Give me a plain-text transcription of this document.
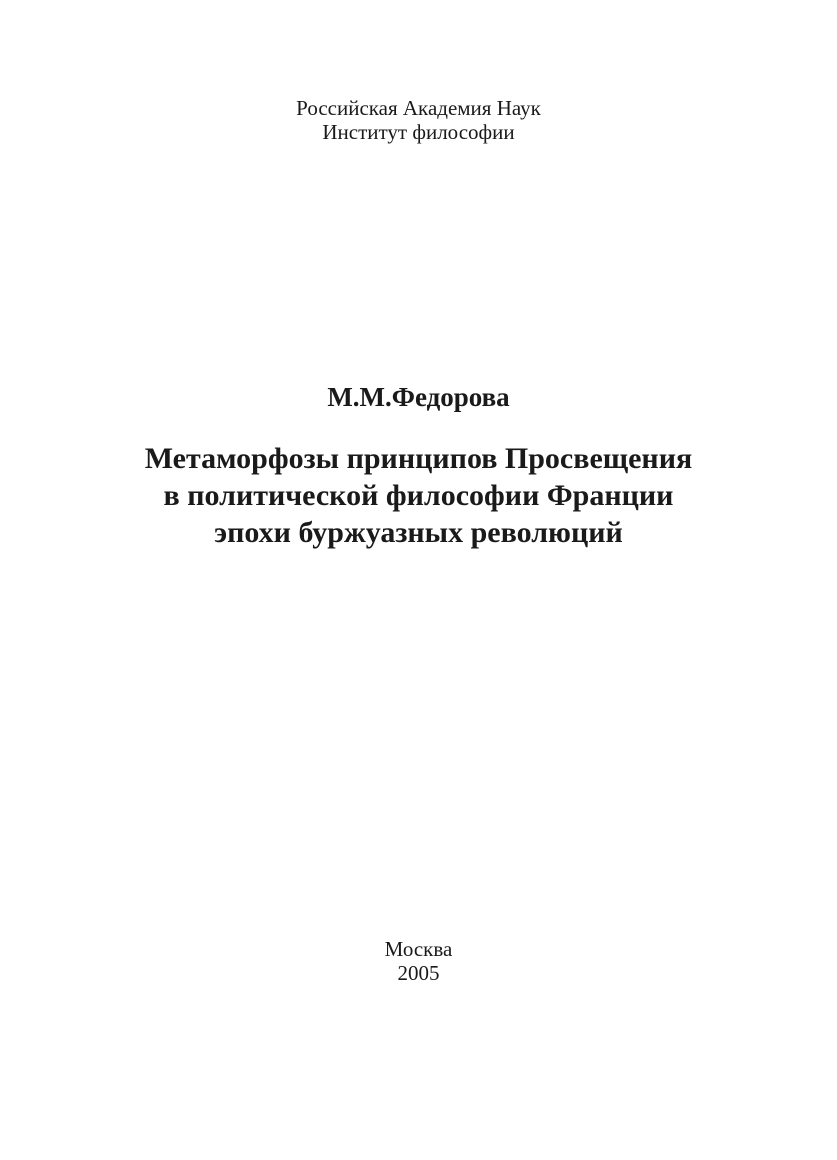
Российская Академия Наук
Институт философии
М.М.Федорова
Метаморфозы принципов Просвещения
в политической философии Франции
эпохи буржуазных революций
Москва
2005
